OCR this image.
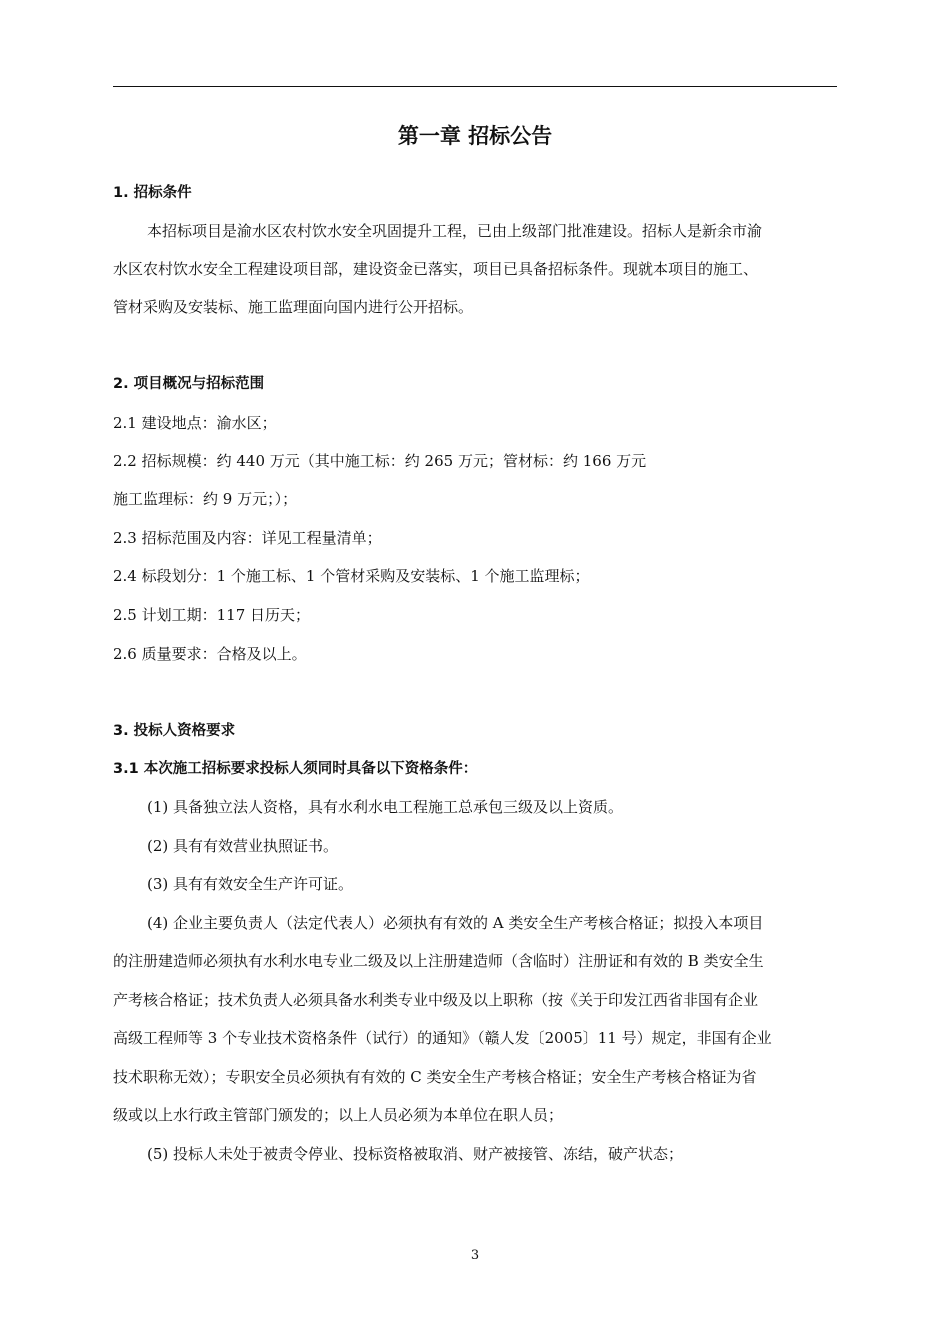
第一章 招标公告
1. 招标条件
本招标项目是渝水区农村饮水安全巩固提升工程，已由上级部门批准建设。招标人是新余市渝
水区农村饮水安全工程建设项目部，建设资金已落实，项目已具备招标条件。现就本项目的施工、
管材采购及安装标、施工监理面向国内进行公开招标。
2. 项目概况与招标范围
2.1 建设地点：渝水区；
2.2 招标规模：约 440 万元（其中施工标：约 265 万元；管材标：约 166 万元
施工监理标：约 9 万元；）；
2.3 招标范围及内容：详见工程量清单；
2.4 标段划分：1 个施工标、1 个管材采购及安装标、1 个施工监理标；
2.5 计划工期：117 日历天；
2.6 质量要求：合格及以上。
3. 投标人资格要求
3.1 本次施工招标要求投标人须同时具备以下资格条件：
(1) 具备独立法人资格，具有水利水电工程施工总承包三级及以上资质。
(2) 具有有效营业执照证书。
(3) 具有有效安全生产许可证。
(4) 企业主要负责人（法定代表人）必须执有有效的 A 类安全生产考核合格证；拟投入本项目
的注册建造师必须执有水利水电专业二级及以上注册建造师（含临时）注册证和有效的 B 类安全生
产考核合格证；技术负责人必须具备水利类专业中级及以上职称（按《关于印发江西省非国有企业
高级工程师等 3 个专业技术资格条件（试行）的通知》（赣人发〔2005〕11 号）规定，非国有企业
技术职称无效）；专职安全员必须执有有效的 C 类安全生产考核合格证；安全生产考核合格证为省
级或以上水行政主管部门颁发的；以上人员必须为本单位在职人员；
(5) 投标人未处于被责令停业、投标资格被取消、财产被接管、冻结，破产状态；
3
